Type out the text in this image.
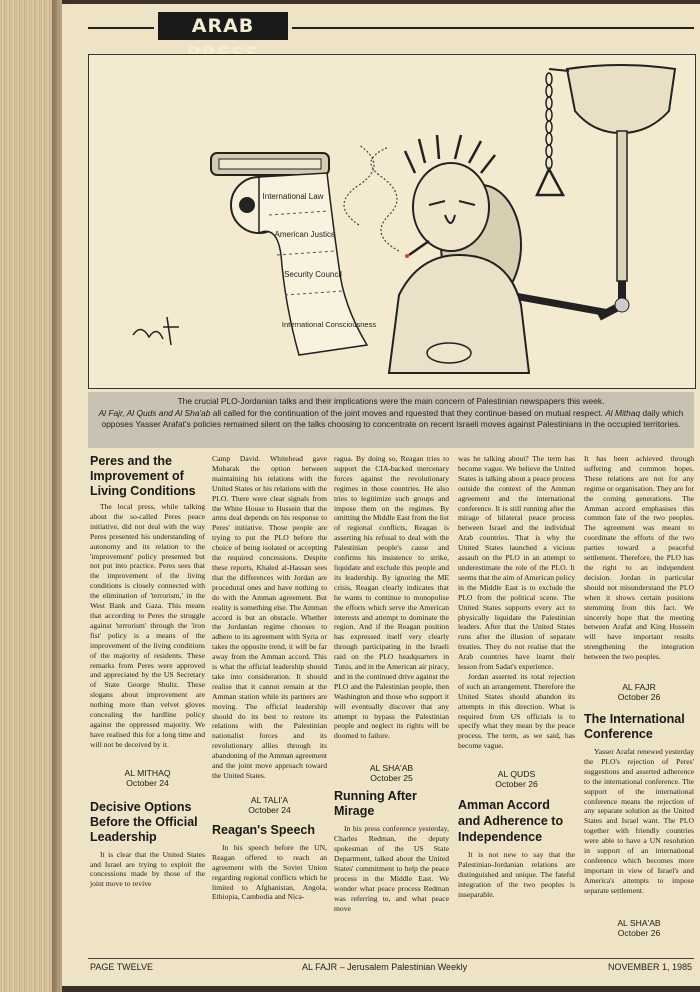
ARAB
International Law
American Justice
Security Council
International Consciousness
The crucial PLO-Jordanian talks and their implications were the main concern of Palestinian newspapers this week.
Al Fajr, Al Quds and Al Sha'ab all called for the continuation of the joint moves and rquested that they continue based on mutual respect. Al Mithaq daily which opposes Yasser Arafat's policies remained silent on the talks choosing to concentrate on recent Israeli moves against Palestinians in the occupied territories.
Peres and the Improvement of Living Conditions

The local press, while talking about the so-called Peres peace initiative, did not deal with the way Peres presented his understanding of autonomy and its relation to the 'improvement' policy presented but not put into practice. Peres sees that the improvement of the living conditions is closely connected with the elimination of 'terrorism,' in the West Bank and Gaza. This means that according to Peres the struggle against 'terrorism' through the 'iron fist' policy is a means of the improvement of the living conditions of the majority of residents. These remarks from Peres were approved and appreciated by the US Secretary of State George Shultz. These slogans about improvement are nothing more than velvet gloves concealing the hardline policy against the oppressed majority. We have realised this for a long time and will not be deceived by it.

AL MITHAQ
October 24
Decisive Options Before the Official Leadership

It is clear that the United States and Israel are trying to exploit the concessions made by those of the joint move to revive

Camp David. Whitehead gave Mubarak the option between maintaining his relations with the United States or his relations with the PLO. There were clear signals from the White House to Hussein that the arms deal depends on his response to Peres' initiative. Those people are trying to put the PLO before the choice of being isolated or accepting the required concessions. Despite these reports, Khaled al-Hassan sees that the differences with Jordan are procedural ones and have nothing to do with the Amman agreement. But reality is something else. The Amman accord is but an obstacle. Whether the Jordanian regime chooses to adhere to its agreement with Syria or takes the opposite trend, it will be far away from the Amman accord. This is what the official leadership should take into consideration. It should realise that it cannot remain at the Amman station while its partners are moving. The official leadership should do its best to restore its relations with the Palestinian nationalist forces and its revolutionary allies through its abandoning of the Amman agreement and the joint move approach toward the United States.

AL TALI'A
October 24
Reagan's Speech

In his speech before the UN, Reagan offered to reach an agreement with the Soviet Union regarding regional conflicts which he limited to Afghanistan, Angola, Ethiopia, Cambodia and Nica-

ragua. By doing so, Reagan tries to support the CIA-backed mercenary forces against the revolutionary regimes in those countries. He also tries to legitimize such groups and impose them on the regimes. By omitting the Middle East from the list of regional conflicts, Reagan is asserting his refusal to deal with the Palestinian people's cause and confirms his insistence to strike, liquidate and exclude this people and its leadership. By ignoring the ME crisis, Reagan clearly indicates that he wants to continue to monopolise the efforts which serve the American interests and attempt to dominate the region. And if the Reagan position has expressed itself very clearly through participating in the Israeli raid on the PLO headquarters in Tunis, and in the American air piracy, and in the continued drive against the PLO and the Palestinian people, then Washington and those who support it will eventually discover that any attempt to bypass the Palestinian people and neglect its rights will be doomed to failure.

AL SHA'AB
October 25
Running After Mirage

In his press conference yesterday, Charles Redman, the deputy spokesman of the US State Department, talked about the United States' commitment to help the peace process in the Middle East. We wonder what peace process Redman was referring to, and what peace move

was he talking about? The term has become vague. We believe the United States is talking about a peace process outside the context of the Amman agreement and the international conference. It is still running after the mirage of bilateral peace process between Israel and the individual Arab countries. That is why the United States launched a vicious assault on the PLO in an attempt to underestimate the role of the PLO. It seems that the aim of American policy in the Middle East is to exclude the PLO from the political scene. The United States supports every act to physically liquidate the Palestinian leaders. After that the United States runs after the illusion of separate treaties. They do not realise that the Arab countries have learnt their lesson from Sadat's experience.

Jordan asserted its total rejection of such an arrangement. Therefore the United States should abandon its attempts in this direction. What is required from US officials is to specify what they mean by the peace process. The term, as we said, has become vague.

AL QUDS
October 26
Amman Accord and Adherence to Independence

It is not new to say that the Palestinian-Jordanian relations are distinguished and unique. The fateful integration of the two peoples is inseparable.

It has been achieved through suffering and common hopes. These relations are not for any regime or organisation. They are for the coming generations. The Amman accord emphasises this common fate of the two peoples. The agreement was meant to coordinate the efforts of the two parties toward a peaceful settlement. Therefore, the PLO has the right to an independent decision. Jordan in particular should not misunderstand the PLO when it shows certain positions stemming from this fact. We sincerely hope that the meeting between Arafat and King Hussein will have important results strengthening the integration between the two peoples.

AL FAJR
October 26
The International Conference

Yasser Arafat renewed yesterday the PLO's rejection of Peres' suggestions and asserted adherence to the international conference. The support of the international conference means the rejection of any separate solution as the United States and Israel want. The PLO together with friendly countries were able to have a UN resolution in support of an international conference which becomes more important in view of Israel's and America's attempts to impose separate settlement.

AL SHA'AB
October 26
PAGE TWELVE	AL FAJR – Jerusalem Palestinian Weekly	NOVEMBER 1, 1985
